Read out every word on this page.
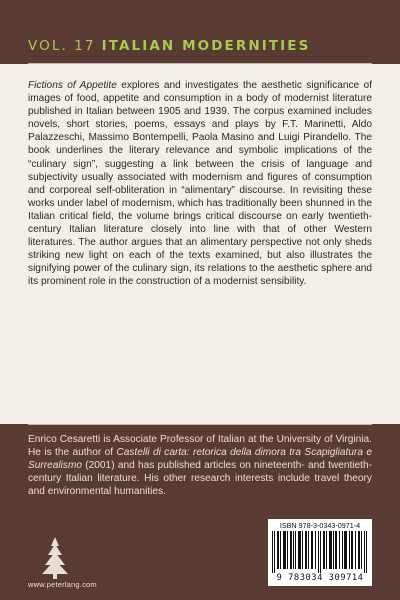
VOL. 17 ITALIAN MODERNITIES

Fictions of Appetite explores and investigates the aesthetic significance of images of food, appetite and consumption in a body of modernist literature published in Italian between 1905 and 1939. The corpus examined includes novels, short stories, poems, essays and plays by F.T. Marinetti, Aldo Palazzeschi, Massimo Bontempelli, Paola Masino and Luigi Pirandello. The book underlines the literary relevance and symbolic implications of the “culinary sign”, suggesting a link between the crisis of language and subjectivity usually associated with modernism and figures of consumption and corporeal self-obliteration in “alimentary” discourse. In revisiting these works under label of modernism, which has traditionally been shunned in the Italian critical field, the volume brings critical discourse on early twentieth-century Italian literature closely into line with that of other Western literatures. The author argues that an alimentary perspective not only sheds striking new light on each of the texts examined, but also illustrates the signifying power of the culinary sign, its relations to the aesthetic sphere and its prominent role in the construction of a modernist sensibility.

Enrico Cesaretti is Associate Professor of Italian at the University of Virginia. He is the author of Castelli di carta: retorica della dimora tra Scapigliatura e Surrealismo (2001) and has published articles on nineteenth- and twentieth-century Italian literature. His other research interests include travel theory and environmental humanities.

www.peterlang.com
ISBN 978-3-0343-0971-4
9 783034 309714
